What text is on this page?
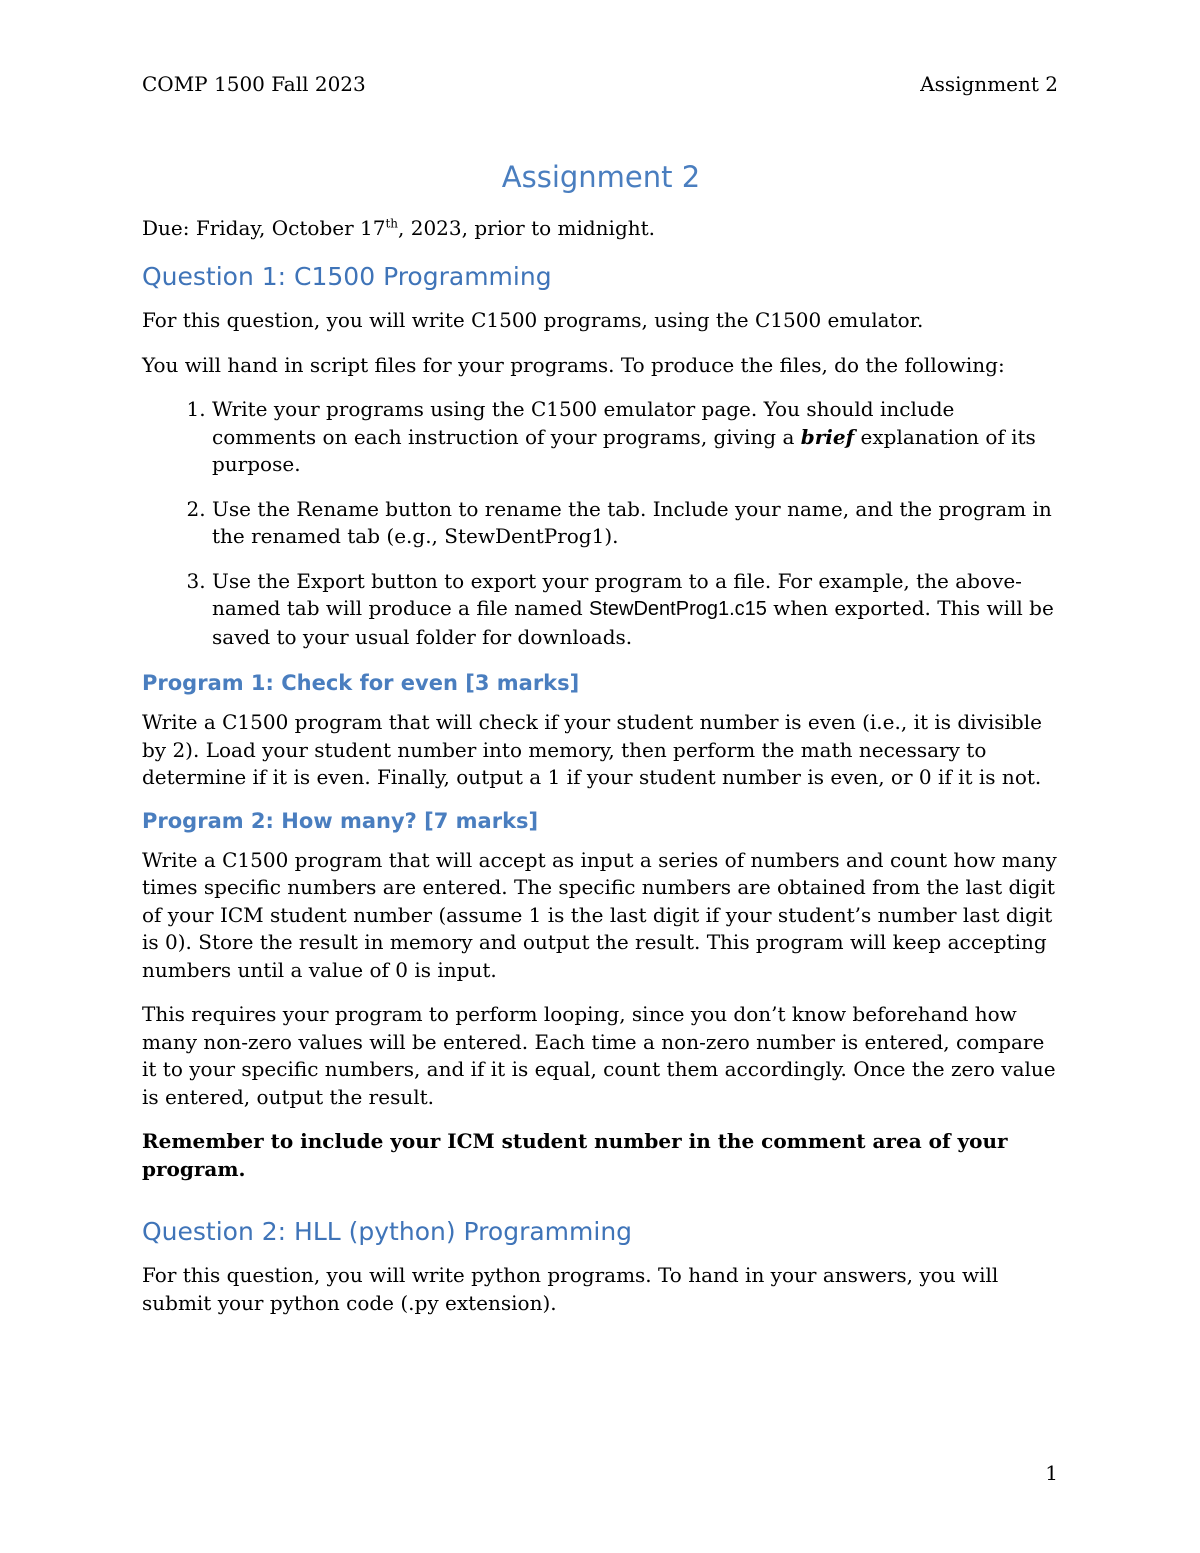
COMP 1500 Fall 2023	Assignment 2
Assignment 2

Due: Friday, October 17th, 2023, prior to midnight.

Question 1: C1500 Programming

For this question, you will write C1500 programs, using the C1500 emulator.

You will hand in script files for your programs. To produce the files, do the following:

1. Write your programs using the C1500 emulator page. You should include comments on each instruction of your programs, giving a brief explanation of its purpose.
2. Use the Rename button to rename the tab. Include your name, and the program in the renamed tab (e.g., StewDentProg1).
3. Use the Export button to export your program to a file. For example, the above-named tab will produce a file named StewDentProg1.c15 when exported. This will be saved to your usual folder for downloads.
Program 1: Check for even [3 marks]

Write a C1500 program that will check if your student number is even (i.e., it is divisible by 2). Load your student number into memory, then perform the math necessary to determine if it is even. Finally, output a 1 if your student number is even, or 0 if it is not.

Program 2: How many? [7 marks]

Write a C1500 program that will accept as input a series of numbers and count how many times specific numbers are entered. The specific numbers are obtained from the last digit of your ICM student number (assume 1 is the last digit if your student’s number last digit is 0). Store the result in memory and output the result. This program will keep accepting numbers until a value of 0 is input.

This requires your program to perform looping, since you don’t know beforehand how many non-zero values will be entered. Each time a non-zero number is entered, compare it to your specific numbers, and if it is equal, count them accordingly. Once the zero value is entered, output the result.

Remember to include your ICM student number in the comment area of your program.

Question 2: HLL (python) Programming

For this question, you will write python programs. To hand in your answers, you will submit your python code (.py extension).

1
